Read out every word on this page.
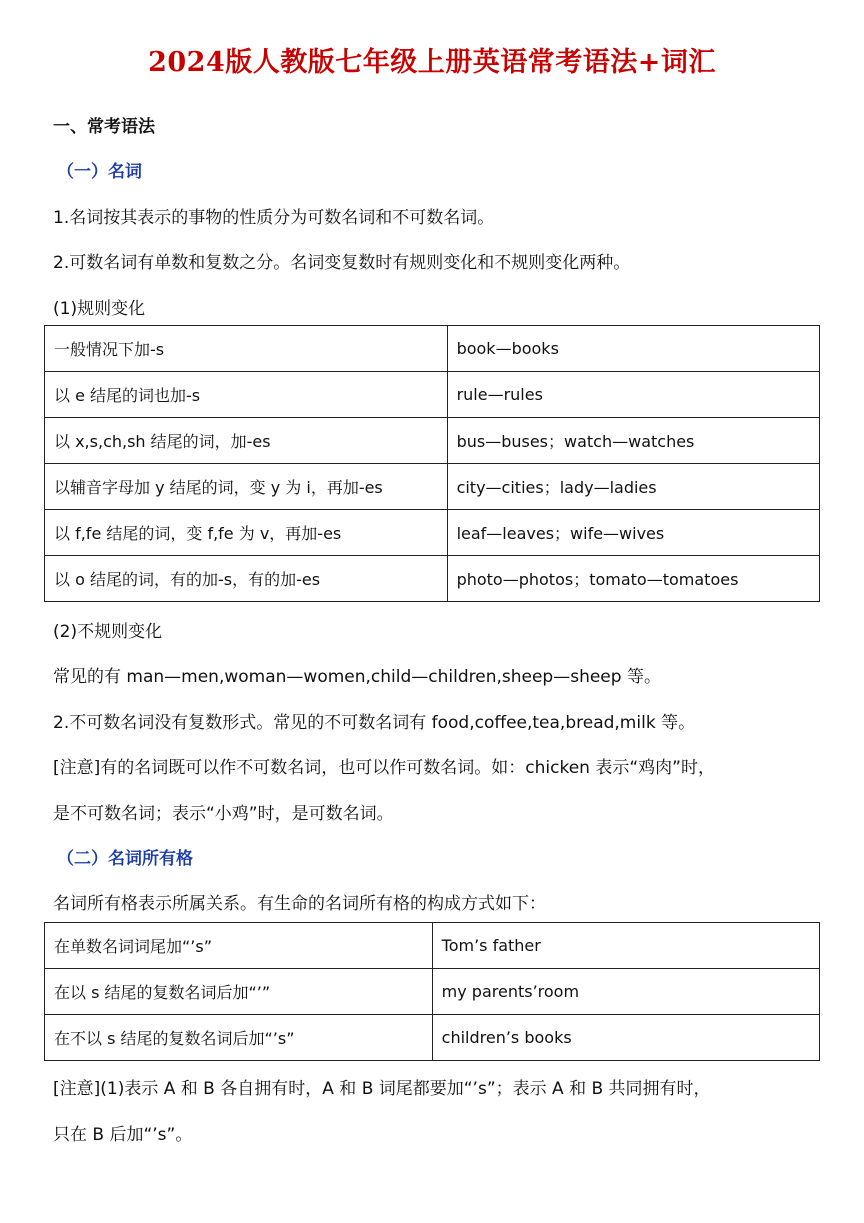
2024版人教版七年级上册英语常考语法+词汇
一、常考语法
（一）名词
1.名词按其表示的事物的性质分为可数名词和不可数名词。
2.可数名词有单数和复数之分。名词变复数时有规则变化和不规则变化两种。
(1)规则变化
一般情况下加-s	book—books
以 e 结尾的词也加-s	rule—rules
以 x,s,ch,sh 结尾的词，加-es	bus—buses；watch—watches
以辅音字母加 y 结尾的词，变 y 为 i，再加-es	city—cities；lady—ladies
以 f,fe 结尾的词，变 f,fe 为 v，再加-es	leaf—leaves；wife—wives
以 o 结尾的词，有的加-s，有的加-es	photo—photos；tomato—tomatoes
(2)不规则变化
常见的有 man—men,woman—women,child—children,sheep—sheep 等。
2.不可数名词没有复数形式。常见的不可数名词有 food,coffee,tea,bread,milk 等。
[注意]有的名词既可以作不可数名词，也可以作可数名词。如：chicken 表示“鸡肉”时，
是不可数名词；表示“小鸡”时，是可数名词。
（二）名词所有格
名词所有格表示所属关系。有生命的名词所有格的构成方式如下：
在单数名词词尾加“’s”	Tom’s father
在以 s 结尾的复数名词后加“’”	my parents’room
在不以 s 结尾的复数名词后加“’s”	children’s books
[注意](1)表示 A 和 B 各自拥有时，A 和 B 词尾都要加“’s”；表示 A 和 B 共同拥有时，
只在 B 后加“’s”。
